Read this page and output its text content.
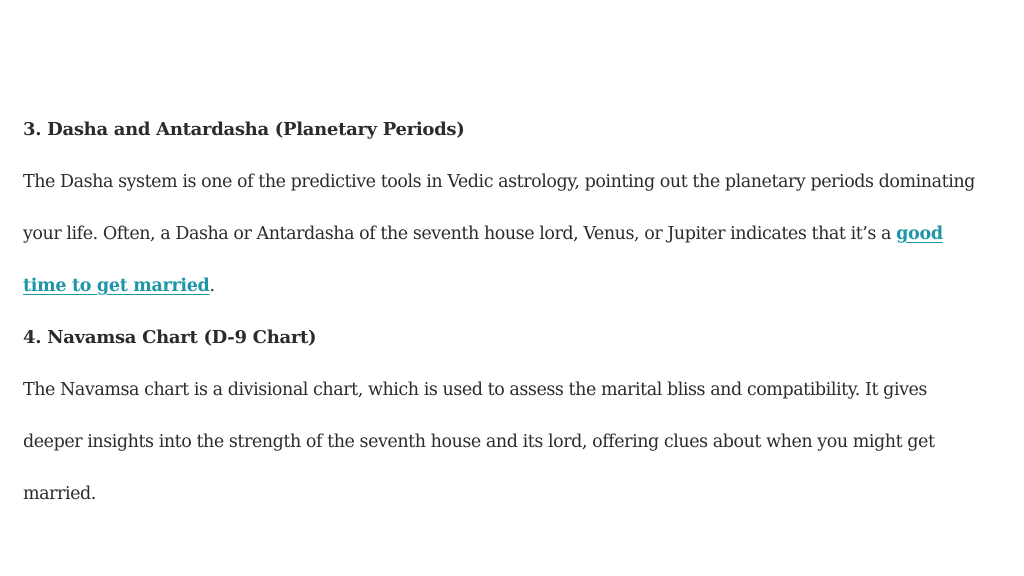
3. Dasha and Antardasha (Planetary Periods)
The Dasha system is one of the predictive tools in Vedic astrology, pointing out the planetary periods dominating
your life. Often, a Dasha or Antardasha of the seventh house lord, Venus, or Jupiter indicates that it’s a good
time to get married.
4. Navamsa Chart (D-9 Chart)
The Navamsa chart is a divisional chart, which is used to assess the marital bliss and compatibility. It gives
deeper insights into the strength of the seventh house and its lord, offering clues about when you might get
married.
